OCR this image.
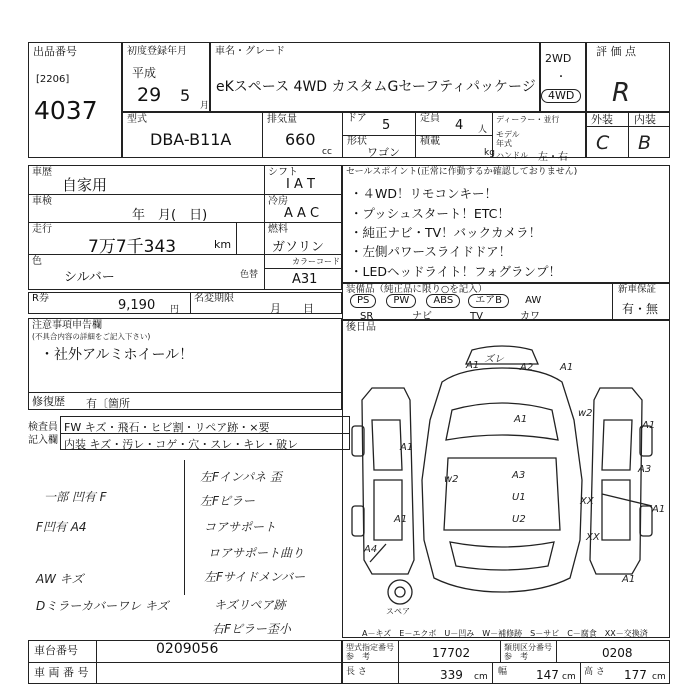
出品番号
[2206]
4037
初度登録年月
平成
29 5
月
車名・グレード
eKスペース 4WD カスタムGセーフティパッケージ
2WD
・
4WD
評 価 点
R
型式
DBA-B11A
排気量
660
cc
ドア 5	定員 4 人
形状
ワゴン
積載
kg
ディーラー・並行
モデル 年式
ハンドル 左・右
外装 内装
C B
車歴
自家用
車検
年　月(　日)
走行
7万7千343	km
色
シルバー	色替
カラーコード
A31
シフト
I A T
冷房
A A C
燃料
ガソリン
R券	9,190 円
名変期限
月　　日
セールスポイント(正常に作動するか確認しておりません)
・４WD！リモコンキー！
・プッシュスタート！ETC！
・純正ナビ・TV！バックカメラ！
・左側パワースライドドア！
・LEDヘッドライト！フォグランプ！
装備品（純正品に限り○を記入）
PS PW ABS エアB AW
SR	ナビ	TV	カワ
新車保証
有・無
注意事項申告欄
(不具合内容の詳細をご記入下さい)
・社外アルミホイール！
修復歴 有〔箇所
検査員
記入欄
FW キズ・飛石・ヒビ割・リペア跡・×要
内装 キズ・汚レ・コゲ・穴・スレ・キレ・破レ
一部 凹有 F
F凹有 A4
AW キズ
Dミラーカバーワレ キズ
左Fインパネ 歪
左Fピラー
コアサポート
ロアサポート曲り
左Fサイドメンバー
キズリペア跡
右Fピラー歪小
後日品
A1
ズレ
A2	A1
w2
A3
A3
w2
A1
XX
A1
XX
A1
A4
A1
U1
U2
A1
A1
スペア
A－キズ　E－エクボ　U－凹み　W－補修跡　S－サビ　C－腐食　XX－交換済
車台番号	0209056
車 両 番 号
型式指定番号 参　考	17702	類別区分番号 参　考	0208
長 さ	339 cm 幅 147 cm 高 さ 177 cm
